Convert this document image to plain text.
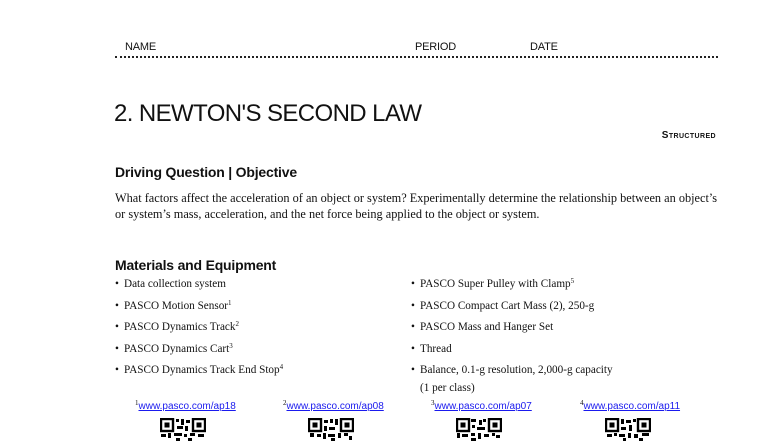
NAME	PERIOD	DATE
2. NEWTON'S SECOND LAW
Structured
Driving Question | Objective

What factors affect the acceleration of an object or system? Experimentally determine the relationship between an object’s or system’s mass, acceleration, and the net force being applied to the object or system.

Materials and Equipment
• Data collection system
• PASCO Motion Sensor$^1$
• PASCO Dynamics Track$^2$
• PASCO Dynamics Cart$^3$
• PASCO Dynamics Track End Stop$^4$
• PASCO Super Pulley with Clamp$^5$
• PASCO Compact Cart Mass (2), 250-g
• PASCO Mass and Hanger Set
• Thread
• Balance, 0.1-g resolution, 2,000-g capacity
(1 per class)
$^1$www.pasco.com/ap18	$^2$www.pasco.com/ap08	$^3$www.pasco.com/ap07	$^4$www.pasco.com/ap11
